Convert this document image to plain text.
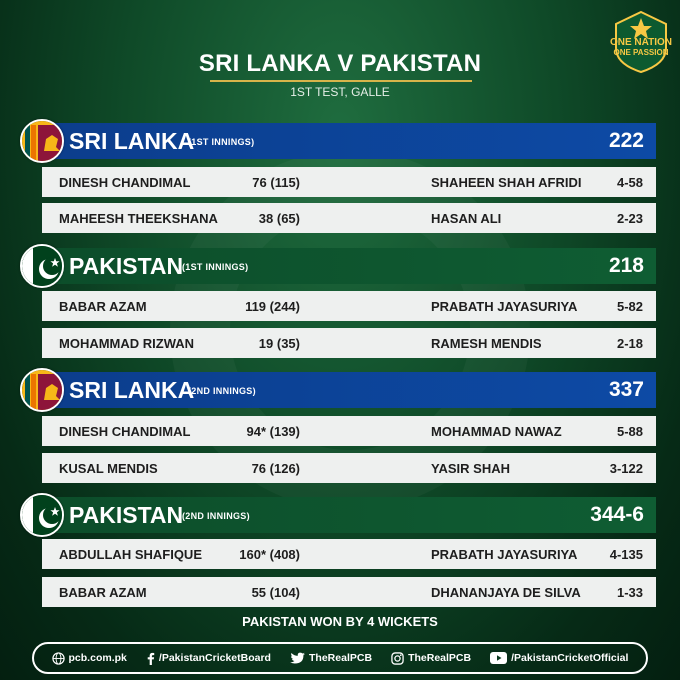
ONE NATION
ONE PASSION
SRI LANKA V PAKISTAN
1ST TEST, GALLE
SRI LANKA
(1ST INNINGS)	222
DINESH CHANDIMAL	76 (115)	SHAHEEN SHAH AFRIDI	4-58
MAHEESH THEEKSHANA	38 (65)	HASAN ALI	2-23
PAKISTAN
(1ST INNINGS)	218
BABAR AZAM	119 (244)	PRABATH JAYASURIYA	5-82
MOHAMMAD RIZWAN	19 (35)	RAMESH MENDIS	2-18
SRI LANKA
(2ND INNINGS)	337
DINESH CHANDIMAL	94* (139)	MOHAMMAD NAWAZ	5-88
KUSAL MENDIS	76 (126)	YASIR SHAH	3-122
PAKISTAN
(2ND INNINGS)	344-6
ABDULLAH SHAFIQUE	160* (408)	PRABATH JAYASURIYA 4-135
BABAR AZAM	55 (104)	DHANANJAYA DE SILVA	1-33
PAKISTAN WON BY 4 WICKETS
pcb.com.pk	/PakistanCricketBoard	TheRealPCB	TheRealPCB	/PakistanCricketOfficial
